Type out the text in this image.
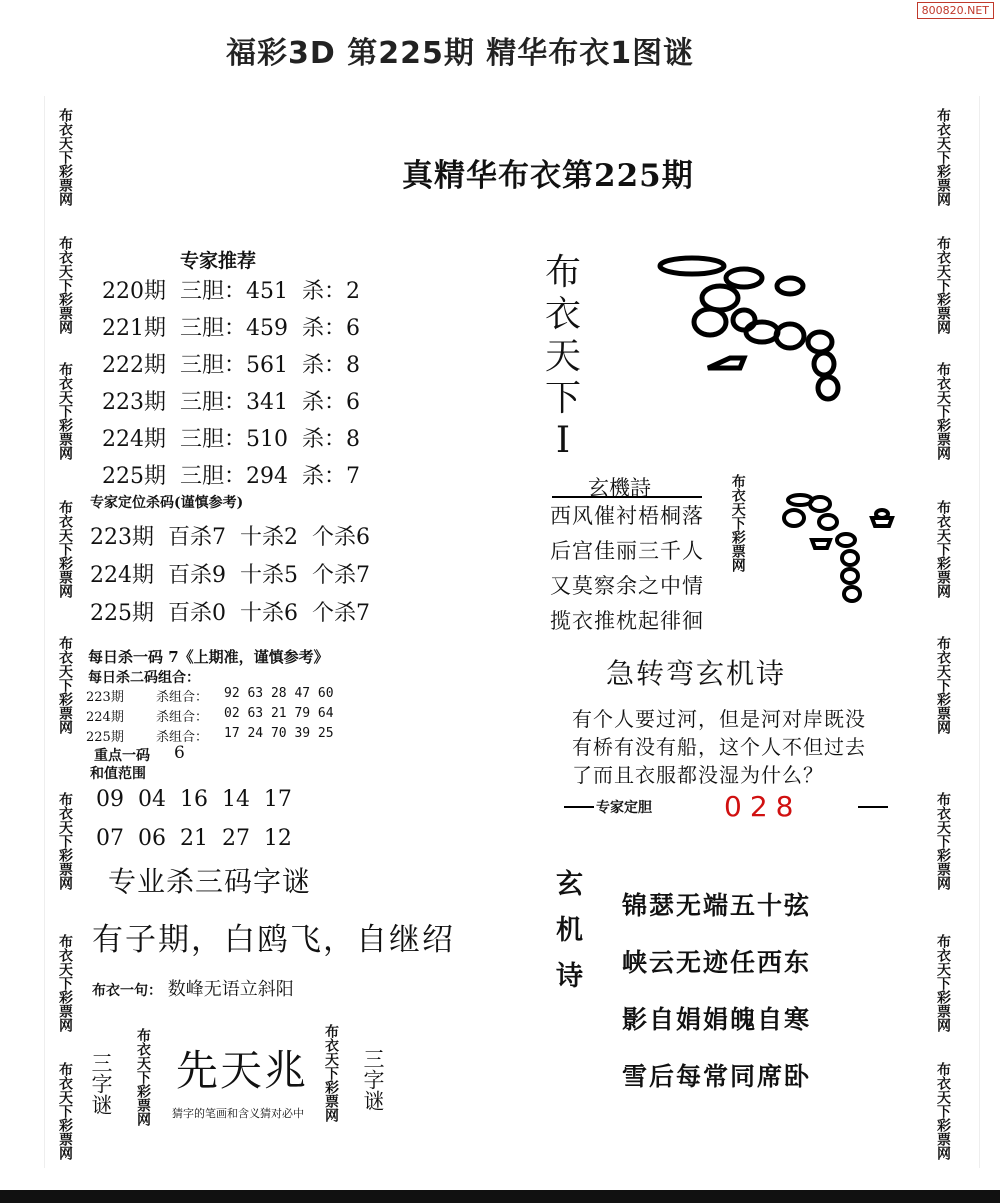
800820.NET
福彩3D 第225期 精华布衣1图谜
布衣天下彩票网
布衣天下彩票网
布衣天下彩票网
布衣天下彩票网
布衣天下彩票网
布衣天下彩票网
布衣天下彩票网
布衣天下彩票网
布衣天下彩票网
布衣天下彩票网
布衣天下彩票网
布衣天下彩票网
布衣天下彩票网
布衣天下彩票网
布衣天下彩票网
布衣天下彩票网
真精华布衣第225期
专家推荐
220期  三胆：451  杀：2
221期  三胆：459  杀：6
222期  三胆：561  杀：8
223期  三胆：341  杀：6
224期  三胆：510  杀：8
225期  三胆：294  杀：7
专家定位杀码(谨慎参考)
223期  百杀7  十杀2  个杀6
224期  百杀9  十杀5  个杀7
225期  百杀0  十杀6  个杀7
每日杀一码 7《上期准，谨慎参考》
每日杀二码组合：
223期 杀组合： 92 63 28 47 60
224期 杀组合： 02 63 21 79 64
225期 杀组合： 17 24 70 39 25
重点一码 6
和值范围
09  04  16  14  17
07  06  21  27  12
专业杀三码字谜
有子期，白鸥飞，自继绍
布衣一句： 数峰无语立斜阳
三字谜 布衣天下彩票网 先天兆
猜字的笔画和含义猜对必中	布衣天下彩票网 三字谜
布
衣
天
下
I
玄機詩
西风催衬梧桐落
后宫佳丽三千人
又莫察余之中情
揽衣推枕起徘徊
布衣天下彩票网
急转弯玄机诗
有个人要过河，但是河对岸既没
有桥有没有船，这个人不但过去
了而且衣服都没湿为什么？
专家定胆	028
玄
机
诗
锦瑟无端五十弦
峡云无迹任西东
影自娟娟魄自寒
雪后每常同席卧
